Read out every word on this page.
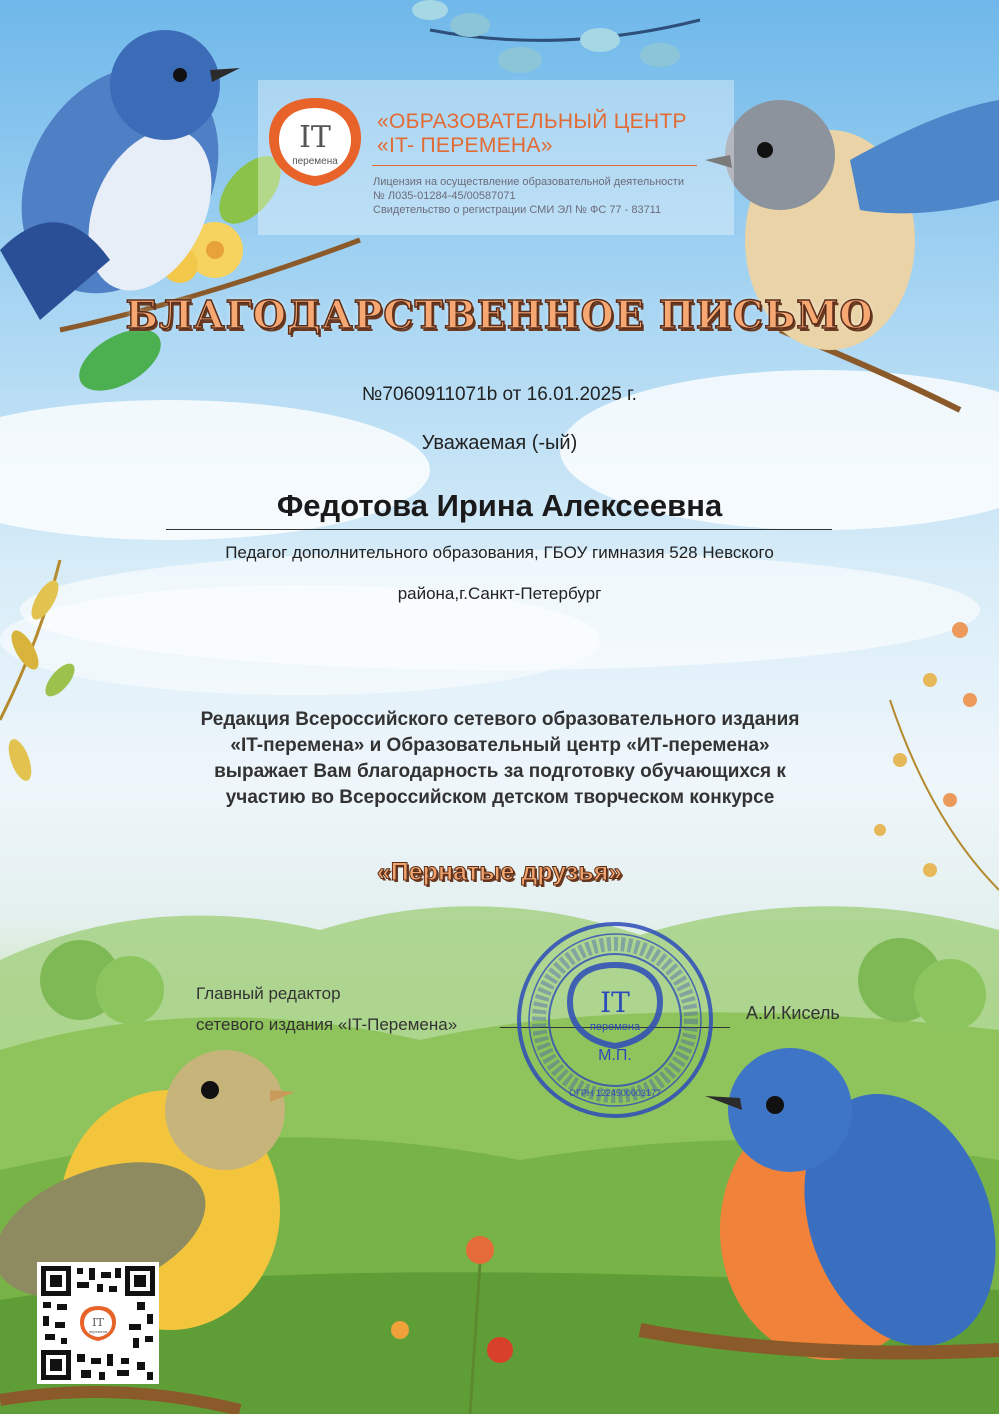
IT
перемена
«ОБРАЗОВАТЕЛЬНЫЙ ЦЕНТР
«IT- ПЕРЕМЕНА»
Лицензия на осуществление образовательной деятельности
№ Л035-01284-45/00587071
Свидетельство о регистрации СМИ ЭЛ № ФС 77 - 83711
БЛАГОДАРСТВЕННОЕ ПИСЬМО
№7060911071b от 16.01.2025 г.
Уважаемая (-ый)
Федотова Ирина Алексеевна
Педагог дополнительного образования, ГБОУ гимназия 528 Невского
района,г.Санкт-Петербург
Редакция Всероссийского сетевого образовательного издания
«IT-перемена» и Образовательный центр «ИТ-перемена»
выражает Вам благодарность за подготовку обучающихся к
участию во Всероссийском детском творческом конкурсе
«Пернатые друзья»
Главный редактор
сетевого издания «IT-Перемена»
А.И.Кисель
IT
перемена
М.П.
ОГРН 1224500003177
IT
перемена
